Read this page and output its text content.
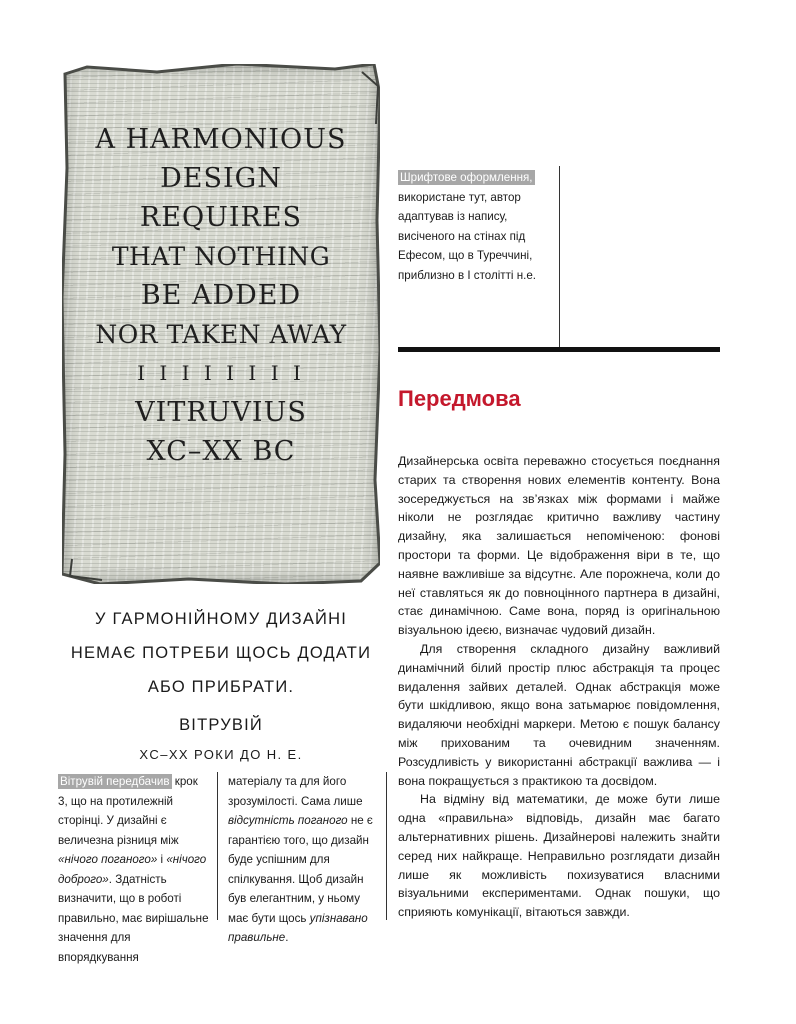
A HARMONIOUS
DESIGN
REQUIRES
THAT NOTHING
BE ADDED
NOR TAKEN AWAY
I I I I I I I I
VITRUVIUS
XC–XX BC
У ГАРМОНІЙНОМУ ДИЗАЙНІ
НЕМАЄ ПОТРЕБИ ЩОСЬ ДОДАТИ
АБО ПРИБРАТИ.
ВІТРУВІЙ
XC–XX РОКИ ДО Н. Е.
Шрифтове оформлення, використане тут, автор адаптував із напису, висіченого на стінах під Ефесом, що в Туреччині, приблизно в I столітті н.е.
Передмова

Дизайнерська освіта переважно стосується поєднання старих та створення нових елементів контенту. Вона зосереджується на зв’язках між формами і майже ніколи не розглядає критично важливу частину дизайну, яка залишається непоміченою: фонові простори та форми. Це відображення віри в те, що наявне важливіше за відсутнє. Але порожнеча, коли до неї ставляться як до повноцінного партнера в дизайні, стає динамічною. Саме вона, поряд із оригінальною візуальною ідеєю, визначає чудовий дизайн.

Для створення складного дизайну важливий динамічний білий простір плюс абстракція та процес видалення зайвих деталей. Однак абстракція може бути шкідливою, якщо вона затьмарює повідомлення, видаляючи необхідні маркери. Метою є пошук балансу між прихованим та очевидним значенням. Розсудливість у використанні абстракції важлива — і вона покращується з практикою та досвідом.

На відміну від математики, де може бути лише одна «правильна» відповідь, дизайн має багато альтернативних рішень. Дизайнерові належить знайти серед них найкраще. Неправильно розглядати дизайн лише як можливість похизуватися власними візуальними експериментами. Однак пошуки, що сприяють комунікації, вітаються завжди.

Вітрувій передбачив крок 3, що на протилежній сторінці. У дизайні є величезна різниця між «нічого поганого» і «нічого доброго». Здатність визначити, що в роботі правильно, має вирішальне значення для впорядкування
матеріалу та для його зрозумілості. Сама лише відсутність поганого не є гарантією того, що дизайн буде успішним для спілкування. Щоб дизайн був елегантним, у ньому має бути щось упізнавано правильне.
